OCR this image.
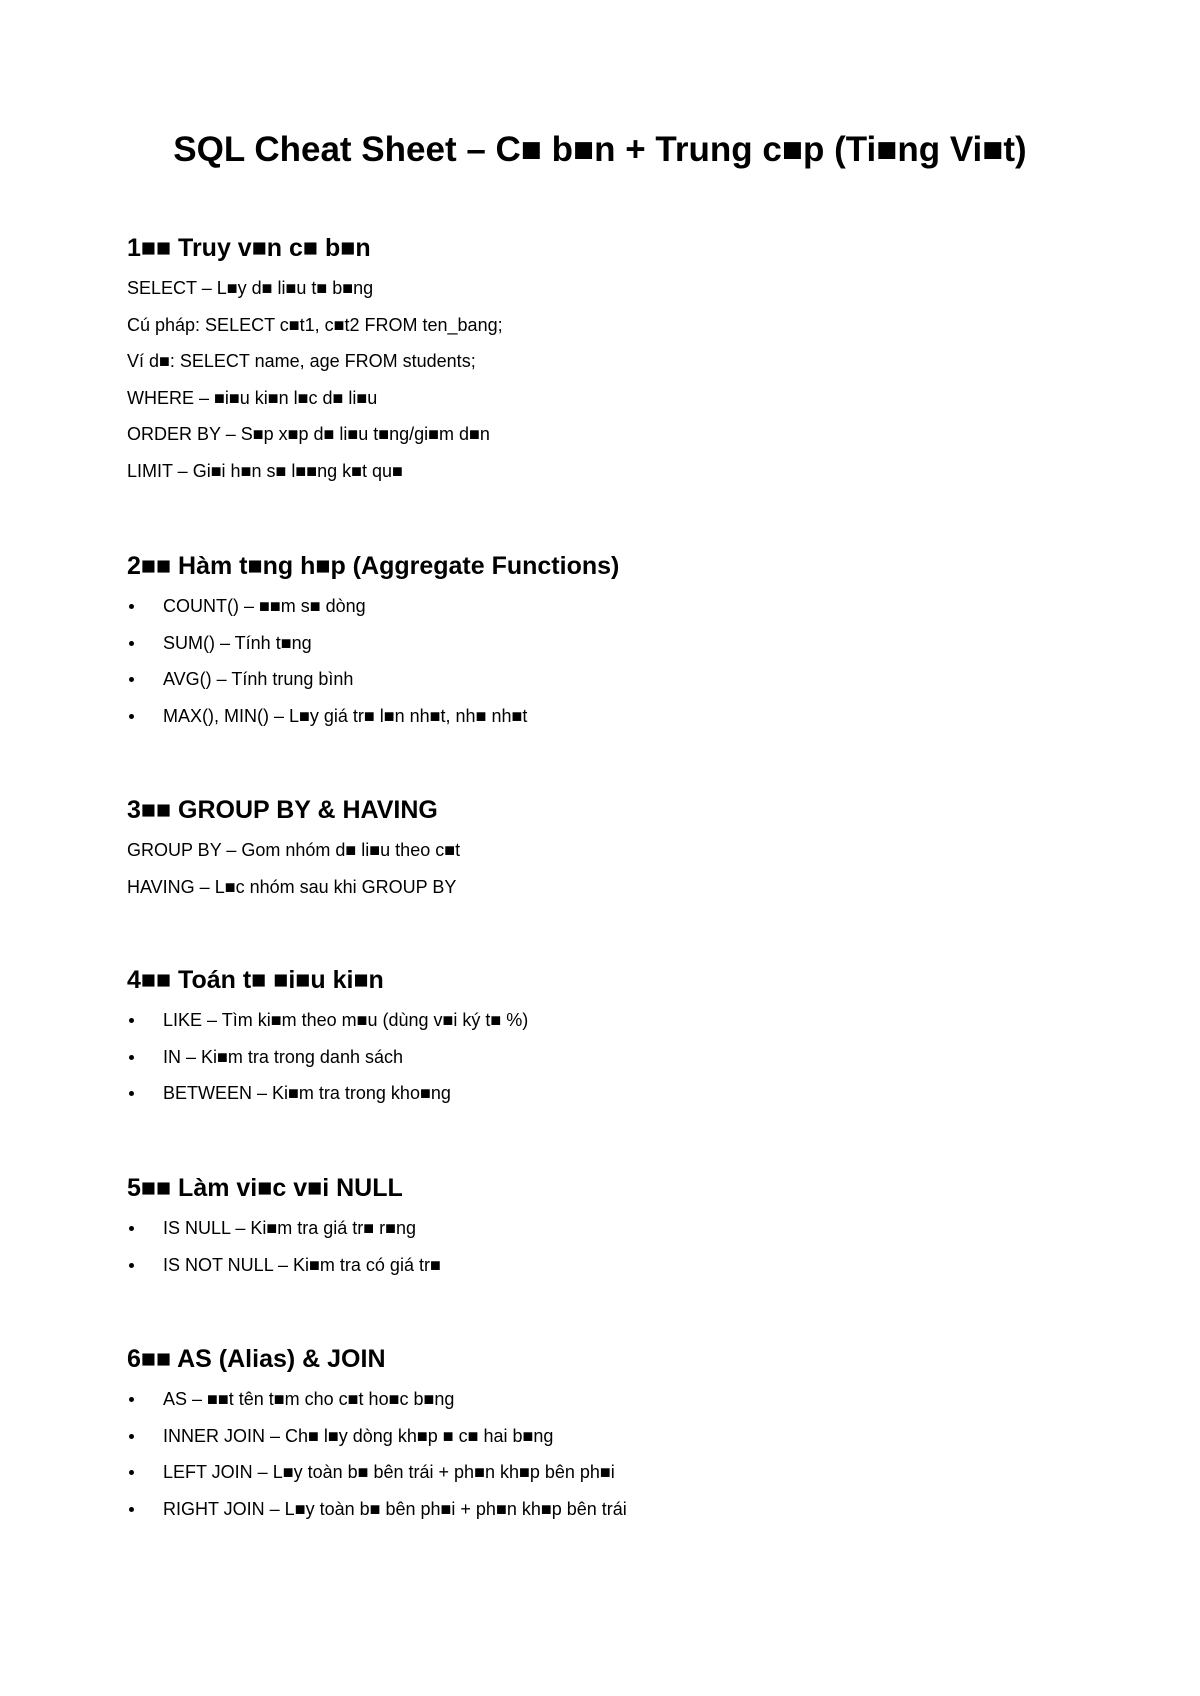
SQL Cheat Sheet – C■ b■n + Trung c■p (Ti■ng Vi■t)
1■■ Truy v■n c■ b■n
SELECT – L■y d■ li■u t■ b■ng
Cú pháp: SELECT c■t1, c■t2 FROM ten_bang;
Ví d■: SELECT name, age FROM students;
WHERE – ■i■u ki■n l■c d■ li■u
ORDER BY – S■p x■p d■ li■u t■ng/gi■m d■n
LIMIT – Gi■i h■n s■ l■■ng k■t qu■
2■■ Hàm t■ng h■p (Aggregate Functions)
COUNT() – ■■m s■ dòng
SUM() – Tính t■ng
AVG() – Tính trung bình
MAX(), MIN() – L■y giá tr■ l■n nh■t, nh■ nh■t
3■■ GROUP BY & HAVING
GROUP BY – Gom nhóm d■ li■u theo c■t
HAVING – L■c nhóm sau khi GROUP BY
4■■ Toán t■ ■i■u ki■n
LIKE – Tìm ki■m theo m■u (dùng v■i ký t■ %)
IN – Ki■m tra trong danh sách
BETWEEN – Ki■m tra trong kho■ng
5■■ Làm vi■c v■i NULL
IS NULL – Ki■m tra giá tr■ r■ng
IS NOT NULL – Ki■m tra có giá tr■
6■■ AS (Alias) & JOIN
AS – ■■t tên t■m cho c■t ho■c b■ng
INNER JOIN – Ch■ l■y dòng kh■p ■ c■ hai b■ng
LEFT JOIN – L■y toàn b■ bên trái + ph■n kh■p bên ph■i
RIGHT JOIN – L■y toàn b■ bên ph■i + ph■n kh■p bên trái
